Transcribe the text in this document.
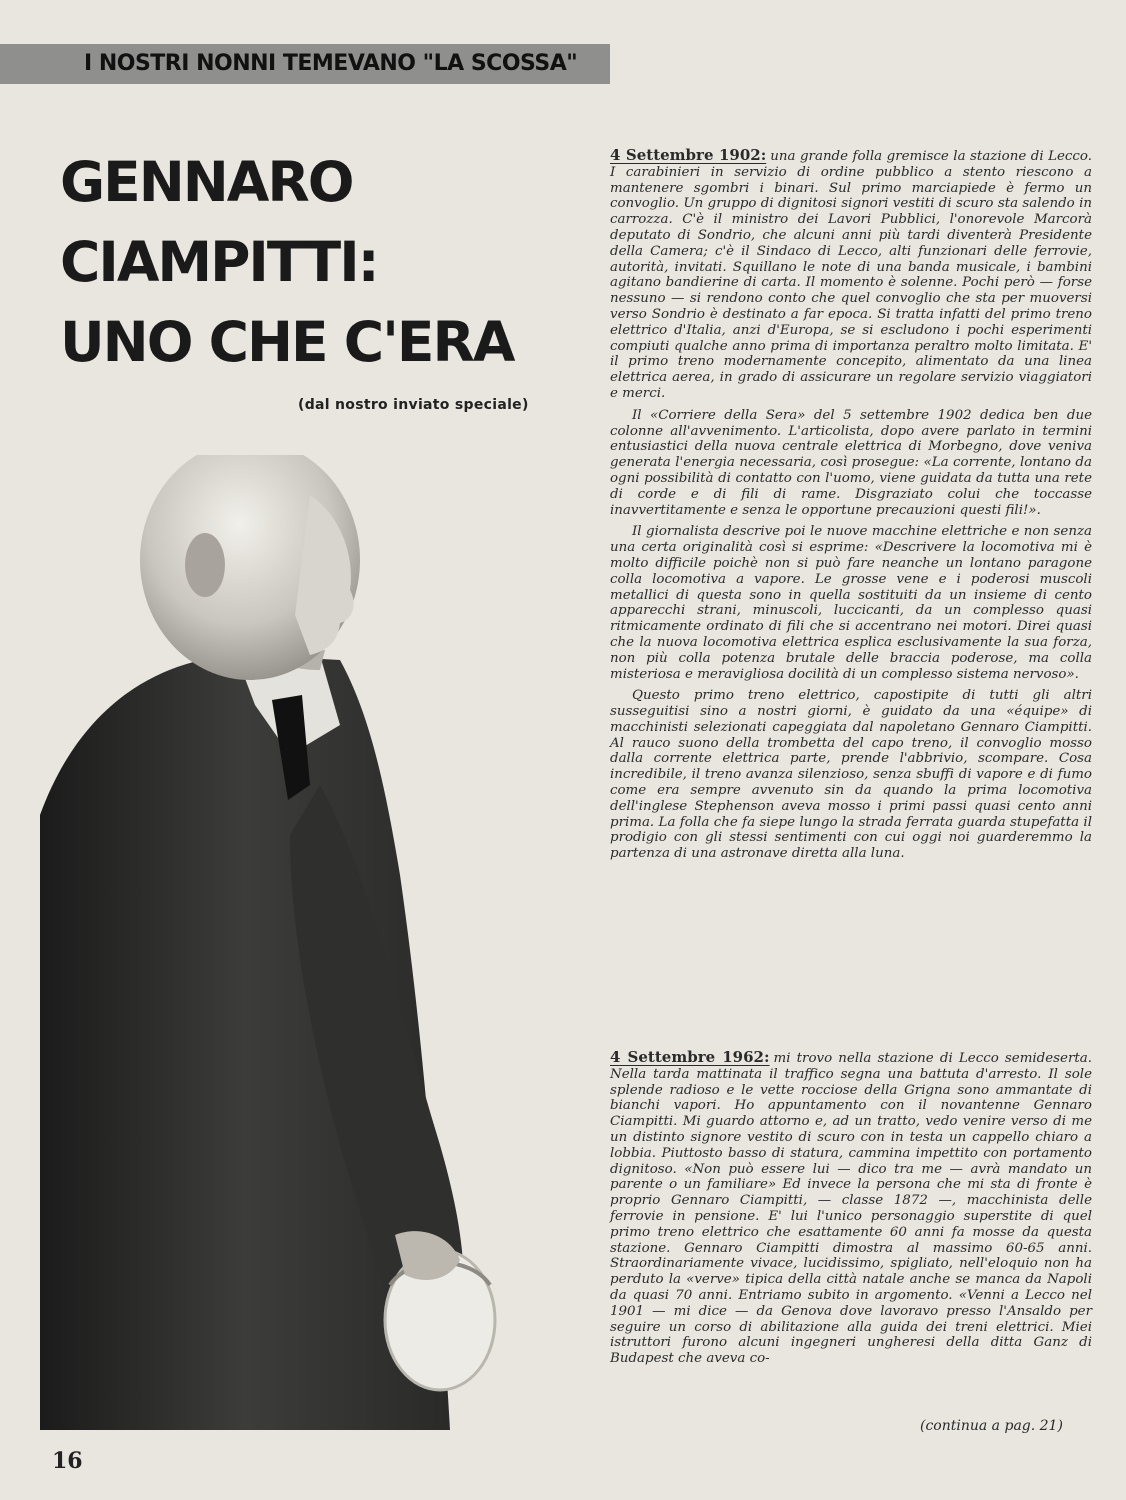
I NOSTRI NONNI TEMEVANO "LA SCOSSA"
GENNARO
CIAMPITTI:
UNO CHE C'ERA
(dal nostro inviato speciale)

4 Settembre 1902: una grande folla gremisce la stazione di Lecco. I carabinieri in servizio di ordine pubblico a stento riescono a mantenere sgombri i binari. Sul primo marciapiede è fermo un convoglio. Un gruppo di dignitosi signori vestiti di scuro sta salendo in carrozza. C'è il ministro dei Lavori Pubblici, l'onorevole Marcorà deputato di Sondrio, che alcuni anni più tardi diventerà Presidente della Camera; c'è il Sindaco di Lecco, alti funzionari delle ferrovie, autorità, invitati. Squillano le note di una banda musicale, i bambini agitano bandierine di carta. Il momento è solenne. Pochi però — forse nessuno — si rendono conto che quel convoglio che sta per muoversi verso Sondrio è destinato a far epoca. Si tratta infatti del primo treno elettrico d'Italia, anzi d'Europa, se si escludono i pochi esperimenti compiuti qualche anno prima di importanza peraltro molto limitata. E' il primo treno modernamente concepito, alimentato da una linea elettrica aerea, in grado di assicurare un regolare servizio viaggiatori e merci.

Il «Corriere della Sera» del 5 settembre 1902 dedica ben due colonne all'avvenimento. L'articolista, dopo avere parlato in termini entusiastici della nuova centrale elettrica di Morbegno, dove veniva generata l'energia necessaria, così prosegue: «La corrente, lontano da ogni possibilità di contatto con l'uomo, viene guidata da tutta una rete di corde e di fili di rame. Disgraziato colui che toccasse inavvertitamente e senza le opportune precauzioni questi fili!».

Il giornalista descrive poi le nuove macchine elettriche e non senza una certa originalità così si esprime: «Descrivere la locomotiva mi è molto difficile poichè non si può fare neanche un lontano paragone colla locomotiva a vapore. Le grosse vene e i poderosi muscoli metallici di questa sono in quella sostituiti da un insieme di cento apparecchi strani, minuscoli, luccicanti, da un complesso quasi ritmicamente ordinato di fili che si accentrano nei motori. Direi quasi che la nuova locomotiva elettrica esplica esclusivamente la sua forza, non più colla potenza brutale delle braccia poderose, ma colla misteriosa e meravigliosa docilità di un complesso sistema nervoso».

Questo primo treno elettrico, capostipite di tutti gli altri susseguitisi sino a nostri giorni, è guidato da una «équipe» di macchinisti selezionati capeggiata dal napoletano Gennaro Ciampitti. Al rauco suono della trombetta del capo treno, il convoglio mosso dalla corrente elettrica parte, prende l'abbrivio, scompare. Cosa incredibile, il treno avanza silenzioso, senza sbuffi di vapore e di fumo come era sempre avvenuto sin da quando la prima locomotiva dell'inglese Stephenson aveva mosso i primi passi quasi cento anni prima. La folla che fa siepe lungo la strada ferrata guarda stupefatta il prodigio con gli stessi sentimenti con cui oggi noi guarderemmo la partenza di una astronave diretta alla luna.

4 Settembre 1962: mi trovo nella stazione di Lecco semideserta. Nella tarda mattinata il traffico segna una battuta d'arresto. Il sole splende radioso e le vette rocciose della Grigna sono ammantate di bianchi vapori. Ho appuntamento con il novantenne Gennaro Ciampitti. Mi guardo attorno e, ad un tratto, vedo venire verso di me un distinto signore vestito di scuro con in testa un cappello chiaro a lobbia. Piuttosto basso di statura, cammina impettito con portamento dignitoso. «Non può essere lui — dico tra me — avrà mandato un parente o un familiare» Ed invece la persona che mi sta di fronte è proprio Gennaro Ciampitti, — classe 1872 —, macchinista delle ferrovie in pensione. E' lui l'unico personaggio superstite di quel primo treno elettrico che esattamente 60 anni fa mosse da questa stazione. Gennaro Ciampitti dimostra al massimo 60-65 anni. Straordinariamente vivace, lucidissimo, spigliato, nell'eloquio non ha perduto la «verve» tipica della città natale anche se manca da Napoli da quasi 70 anni. Entriamo subito in argomento. «Venni a Lecco nel 1901 — mi dice — da Genova dove lavoravo presso l'Ansaldo per seguire un corso di abilitazione alla guida dei treni elettrici. Miei istruttori furono alcuni ingegneri ungheresi della ditta Ganz di Budapest che aveva co-

(continua a pag. 21)
16
